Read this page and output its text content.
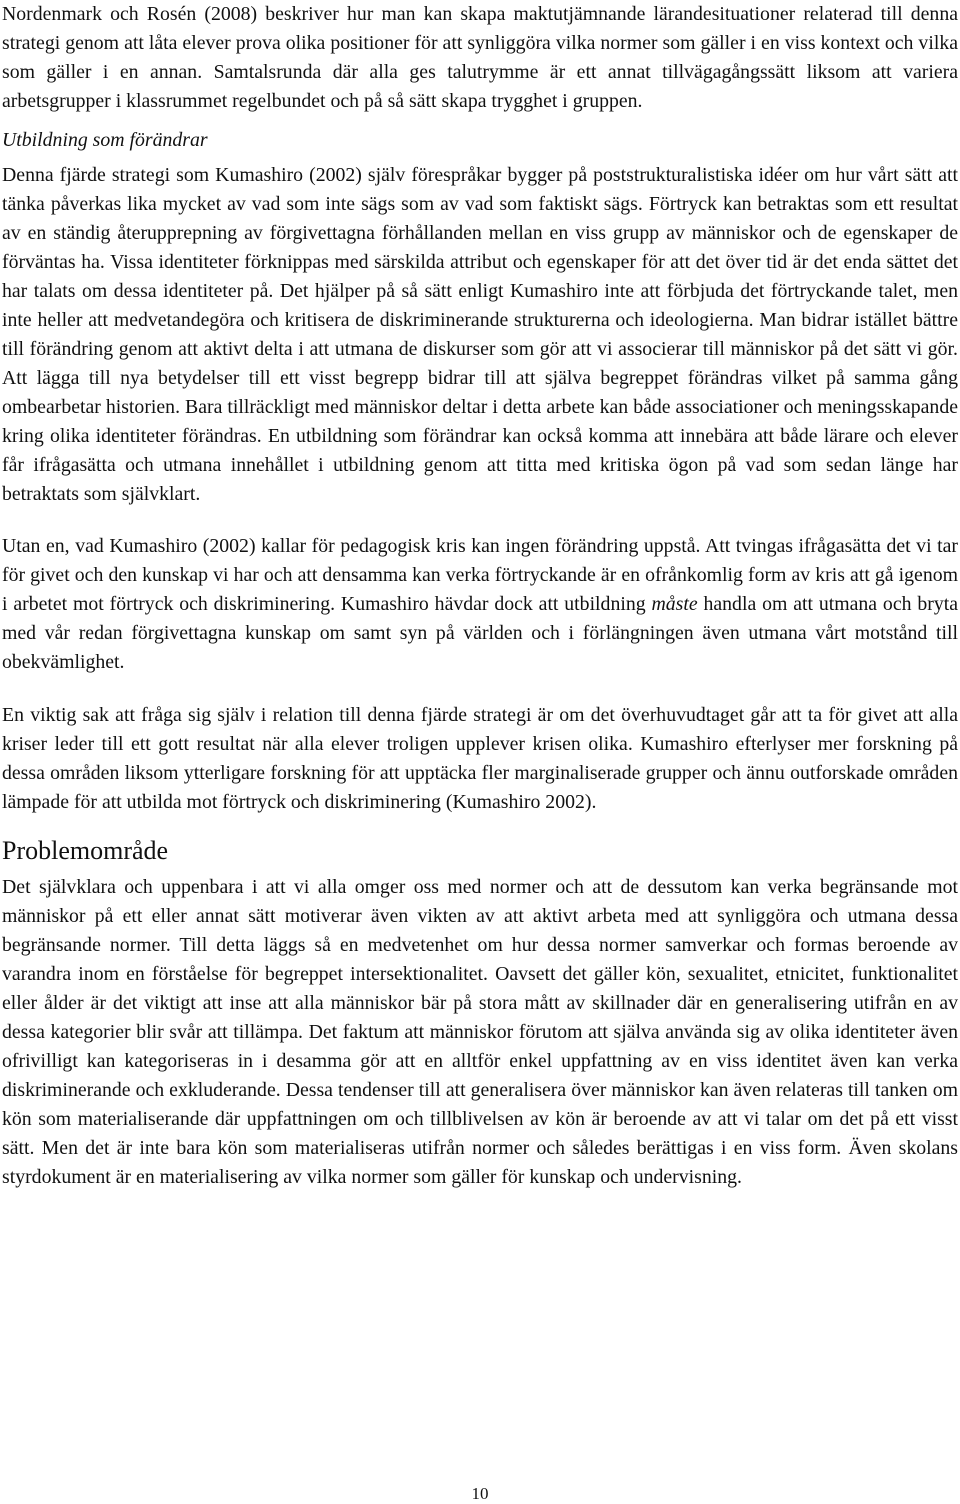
Nordenmark och Rosén (2008) beskriver hur man kan skapa maktutjämnande lärandesituationer relaterad till denna strategi genom att låta elever prova olika positioner för att synliggöra vilka normer som gäller i en viss kontext och vilka som gäller i en annan. Samtalsrunda där alla ges talutrymme är ett annat tillvägagångssätt liksom att variera arbetsgrupper i klassrummet regelbundet och på så sätt skapa trygghet i gruppen.

Utbildning som förändrar

Denna fjärde strategi som Kumashiro (2002) själv förespråkar bygger på poststrukturalistiska idéer om hur vårt sätt att tänka påverkas lika mycket av vad som inte sägs som av vad som faktiskt sägs. Förtryck kan betraktas som ett resultat av en ständig återupprepning av förgivettagna förhållanden mellan en viss grupp av människor och de egenskaper de förväntas ha. Vissa identiteter förknippas med särskilda attribut och egenskaper för att det över tid är det enda sättet det har talats om dessa identiteter på. Det hjälper på så sätt enligt Kumashiro inte att förbjuda det förtryckande talet, men inte heller att medvetandegöra och kritisera de diskriminerande strukturerna och ideologierna. Man bidrar istället bättre till förändring genom att aktivt delta i att utmana de diskurser som gör att vi associerar till människor på det sätt vi gör. Att lägga till nya betydelser till ett visst begrepp bidrar till att själva begreppet förändras vilket på samma gång ombearbetar historien. Bara tillräckligt med människor deltar i detta arbete kan både associationer och meningsskapande kring olika identiteter förändras. En utbildning som förändrar kan också komma att innebära att både lärare och elever får ifrågasätta och utmana innehållet i utbildning genom att titta med kritiska ögon på vad som sedan länge har betraktats som självklart.

Utan en, vad Kumashiro (2002) kallar för pedagogisk kris kan ingen förändring uppstå. Att tvingas ifrågasätta det vi tar för givet och den kunskap vi har och att densamma kan verka förtryckande är en ofrånkomlig form av kris att gå igenom i arbetet mot förtryck och diskriminering. Kumashiro hävdar dock att utbildning måste handla om att utmana och bryta med vår redan förgivettagna kunskap om samt syn på världen och i förlängningen även utmana vårt motstånd till obekvämlighet.

En viktig sak att fråga sig själv i relation till denna fjärde strategi är om det överhuvudtaget går att ta för givet att alla kriser leder till ett gott resultat när alla elever troligen upplever krisen olika. Kumashiro efterlyser mer forskning på dessa områden liksom ytterligare forskning för att upptäcka fler marginaliserade grupper och ännu outforskade områden lämpade för att utbilda mot förtryck och diskriminering (Kumashiro 2002).

Problemområde

Det självklara och uppenbara i att vi alla omger oss med normer och att de dessutom kan verka begränsande mot människor på ett eller annat sätt motiverar även vikten av att aktivt arbeta med att synliggöra och utmana dessa begränsande normer. Till detta läggs så en medvetenhet om hur dessa normer samverkar och formas beroende av varandra inom en förståelse för begreppet intersektionalitet. Oavsett det gäller kön, sexualitet, etnicitet, funktionalitet eller ålder är det viktigt att inse att alla människor bär på stora mått av skillnader där en generalisering utifrån en av dessa kategorier blir svår att tillämpa. Det faktum att människor förutom att själva använda sig av olika identiteter även ofrivilligt kan kategoriseras in i desamma gör att en alltför enkel uppfattning av en viss identitet även kan verka diskriminerande och exkluderande. Dessa tendenser till att generalisera över människor kan även relateras till tanken om kön som materialiserande där uppfattningen om och tillblivelsen av kön är beroende av att vi talar om det på ett visst sätt. Men det är inte bara kön som materialiseras utifrån normer och således berättigas i en viss form. Även skolans styrdokument är en materialisering av vilka normer som gäller för kunskap och undervisning.

10
